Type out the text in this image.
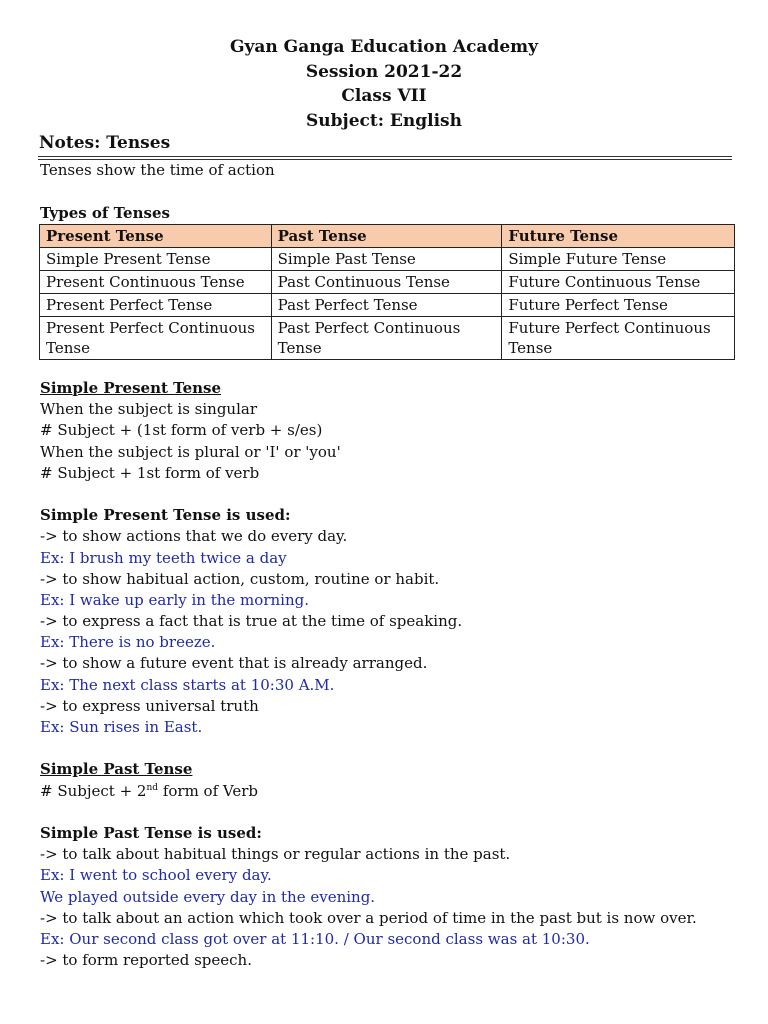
Gyan Ganga Education Academy
Session 2021-22
Class VII
Subject: English
Notes: Tenses
Tenses show the time of action
Types of Tenses
Present Tense	Past Tense	Future Tense
Simple Present Tense	Simple Past Tense	Simple Future Tense
Present Continuous Tense	Past Continuous Tense	Future Continuous Tense
Present Perfect Tense	Past Perfect Tense	Future Perfect Tense
Present Perfect Continuous Tense	Past Perfect Continuous Tense	Future Perfect Continuous Tense
Simple Present Tense
When the subject is singular
# Subject + (1st form of verb + s/es)
When the subject is plural or 'I' or 'you'
# Subject + 1st form of verb
Simple Present Tense is used:
-> to show actions that we do every day.
Ex: I brush my teeth twice a day
-> to show habitual action, custom, routine or habit.
Ex: I wake up early in the morning.
-> to express a fact that is true at the time of speaking.
Ex: There is no breeze.
-> to show a future event that is already arranged.
Ex: The next class starts at 10:30 A.M.
-> to express universal truth
Ex: Sun rises in East.
Simple Past Tense
# Subject + 2nd form of Verb
Simple Past Tense is used:
-> to talk about habitual things or regular actions in the past.
Ex: I went to school every day.
We played outside every day in the evening.
-> to talk about an action which took over a period of time in the past but is now over.
Ex: Our second class got over at 11:10. / Our second class was at 10:30.
-> to form reported speech.
